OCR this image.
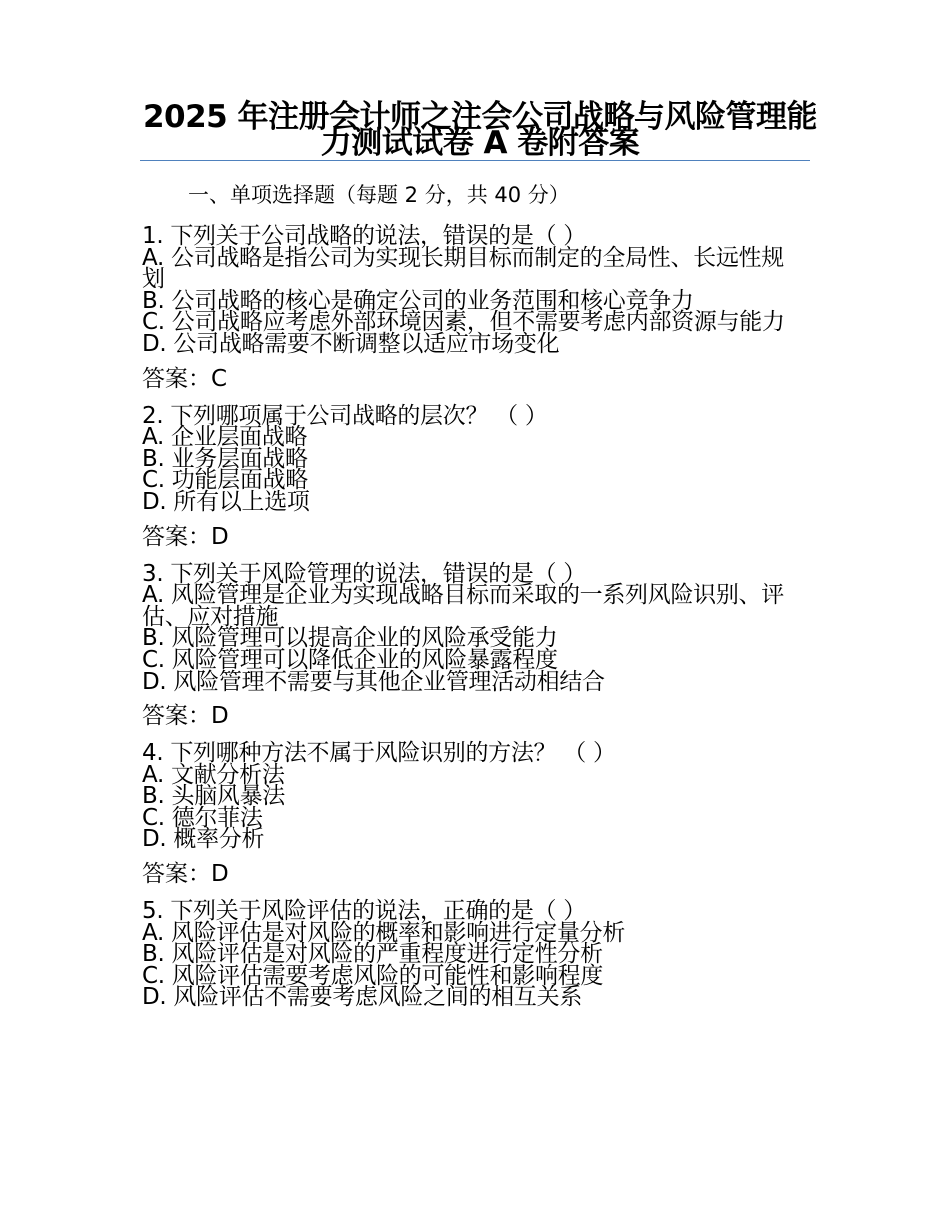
2025 年注册会计师之注会公司战略与风险管理能力测试试卷 A 卷附答案
一、单项选择题（每题 2 分，共 40 分）
1. 下列关于公司战略的说法，错误的是（ ）
A. 公司战略是指公司为实现长期目标而制定的全局性、长远性规划
B. 公司战略的核心是确定公司的业务范围和核心竞争力
C. 公司战略应考虑外部环境因素，但不需要考虑内部资源与能力
D. 公司战略需要不断调整以适应市场变化
答案：C
2. 下列哪项属于公司战略的层次？ （ ）
A. 企业层面战略
B. 业务层面战略
C. 功能层面战略
D. 所有以上选项
答案：D
3. 下列关于风险管理的说法，错误的是（ ）
A. 风险管理是企业为实现战略目标而采取的一系列风险识别、评估、应对措施
B. 风险管理可以提高企业的风险承受能力
C. 风险管理可以降低企业的风险暴露程度
D. 风险管理不需要与其他企业管理活动相结合
答案：D
4. 下列哪种方法不属于风险识别的方法？ （ ）
A. 文献分析法
B. 头脑风暴法
C. 德尔菲法
D. 概率分析
答案：D
5. 下列关于风险评估的说法，正确的是（ ）
A. 风险评估是对风险的概率和影响进行定量分析
B. 风险评估是对风险的严重程度进行定性分析
C. 风险评估需要考虑风险的可能性和影响程度
D. 风险评估不需要考虑风险之间的相互关系
